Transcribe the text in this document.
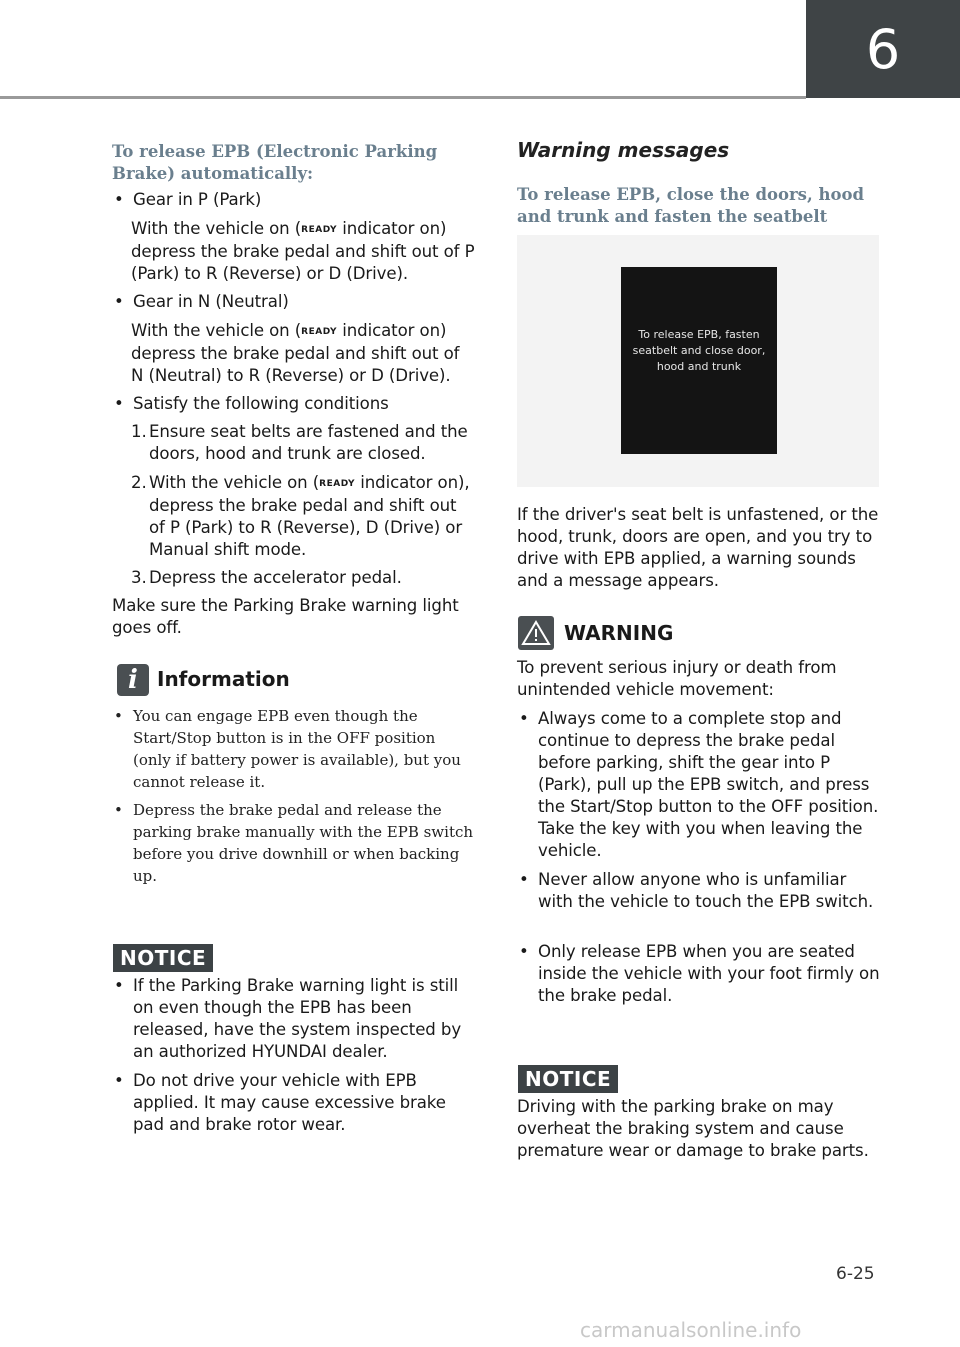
6
To release EPB (Electronic Parking Brake) automatically:
• Gear in P (Park)
With the vehicle on (READY indicator on) depress the brake pedal and shift out of P (Park) to R (Reverse) or D (Drive).
• Gear in N (Neutral)
With the vehicle on (READY indicator on) depress the brake pedal and shift out of N (Neutral) to R (Reverse) or D (Drive).
• Satisfy the following conditions
1. Ensure seat belts are fastened and the doors, hood and trunk are closed.
2. With the vehicle on (READY indicator on), depress the brake pedal and shift out of P (Park) to R (Reverse), D (Drive) or Manual shift mode.
3. Depress the accelerator pedal.
Make sure the Parking Brake warning light goes off.
i Information
• You can engage EPB even though the Start/Stop button is in the OFF position (only if battery power is available), but you cannot release it.
• Depress the brake pedal and release the parking brake manually with the EPB switch before you drive downhill or when backing up.
NOTICE
• If the Parking Brake warning light is still on even though the EPB has been released, have the system inspected by an authorized HYUNDAI dealer.
• Do not drive your vehicle with EPB applied. It may cause excessive brake pad and brake rotor wear.
Warning messages
To release EPB, close the doors, hood and trunk and fasten the seatbelt
To release EPB, fasten seatbelt and close door, hood and trunk
If the driver's seat belt is unfastened, or the hood, trunk, doors are open, and you try to drive with EPB applied, a warning sounds and a message appears.
WARNING
To prevent serious injury or death from unintended vehicle movement:
• Always come to a complete stop and continue to depress the brake pedal before parking, shift the gear into P (Park), pull up the EPB switch, and press the Start/Stop button to the OFF position. Take the key with you when leaving the vehicle.
• Never allow anyone who is unfamiliar with the vehicle to touch the EPB switch.
• Only release EPB when you are seated inside the vehicle with your foot firmly on the brake pedal.
NOTICE
Driving with the parking brake on may overheat the braking system and cause premature wear or damage to brake parts.
6-25
carmanualsonline.info
